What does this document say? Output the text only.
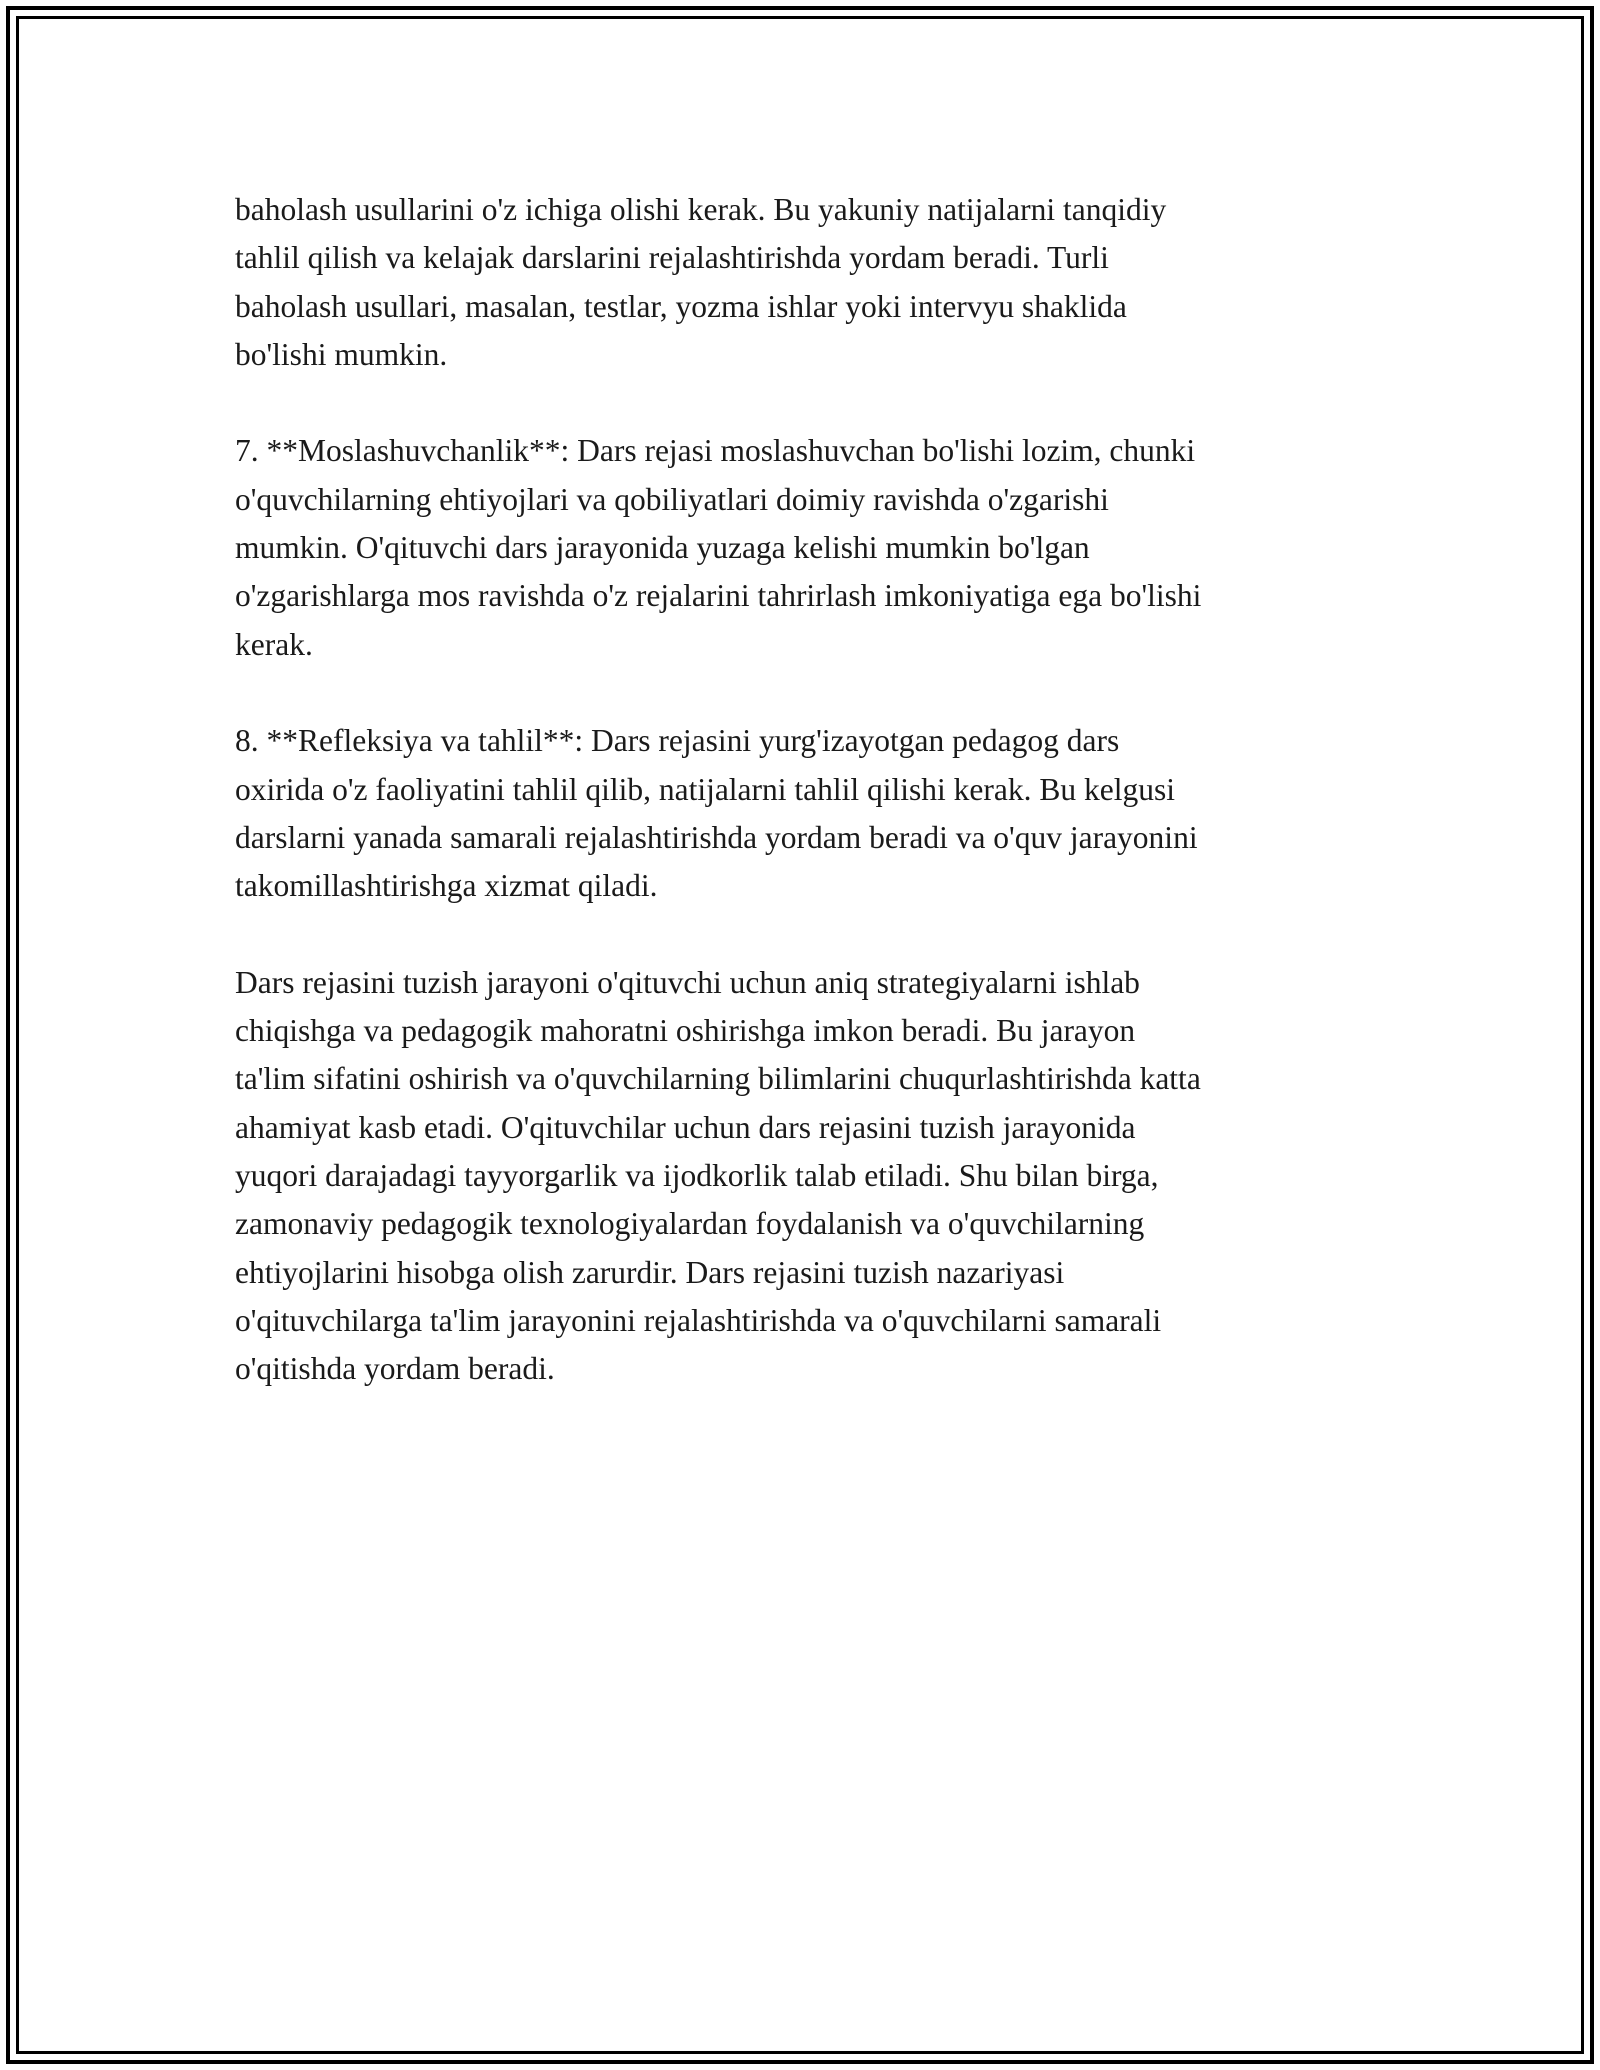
baholash usullarini o'z ichiga olishi kerak. Bu yakuniy natijalarni tanqidiy
tahlil qilish va kelajak darslarini rejalashtirishda yordam beradi. Turli
baholash usullari, masalan, testlar, yozma ishlar yoki intervyu shaklida
bo'lishi mumkin.

7. **Moslashuvchanlik**: Dars rejasi moslashuvchan bo'lishi lozim, chunki
o'quvchilarning ehtiyojlari va qobiliyatlari doimiy ravishda o'zgarishi
mumkin. O'qituvchi dars jarayonida yuzaga kelishi mumkin bo'lgan
o'zgarishlarga mos ravishda o'z rejalarini tahrirlash imkoniyatiga ega bo'lishi
kerak.

8. **Refleksiya va tahlil**: Dars rejasini yurg'izayotgan pedagog dars
oxirida o'z faoliyatini tahlil qilib, natijalarni tahlil qilishi kerak. Bu kelgusi
darslarni yanada samarali rejalashtirishda yordam beradi va o'quv jarayonini
takomillashtirishga xizmat qiladi.

Dars rejasini tuzish jarayoni o'qituvchi uchun aniq strategiyalarni ishlab
chiqishga va pedagogik mahoratni oshirishga imkon beradi. Bu jarayon
ta'lim sifatini oshirish va o'quvchilarning bilimlarini chuqurlashtirishda katta
ahamiyat kasb etadi. O'qituvchilar uchun dars rejasini tuzish jarayonida
yuqori darajadagi tayyorgarlik va ijodkorlik talab etiladi. Shu bilan birga,
zamonaviy pedagogik texnologiyalardan foydalanish va o'quvchilarning
ehtiyojlarini hisobga olish zarurdir. Dars rejasini tuzish nazariyasi
o'qituvchilarga ta'lim jarayonini rejalashtirishda va o'quvchilarni samarali
o'qitishda yordam beradi.
